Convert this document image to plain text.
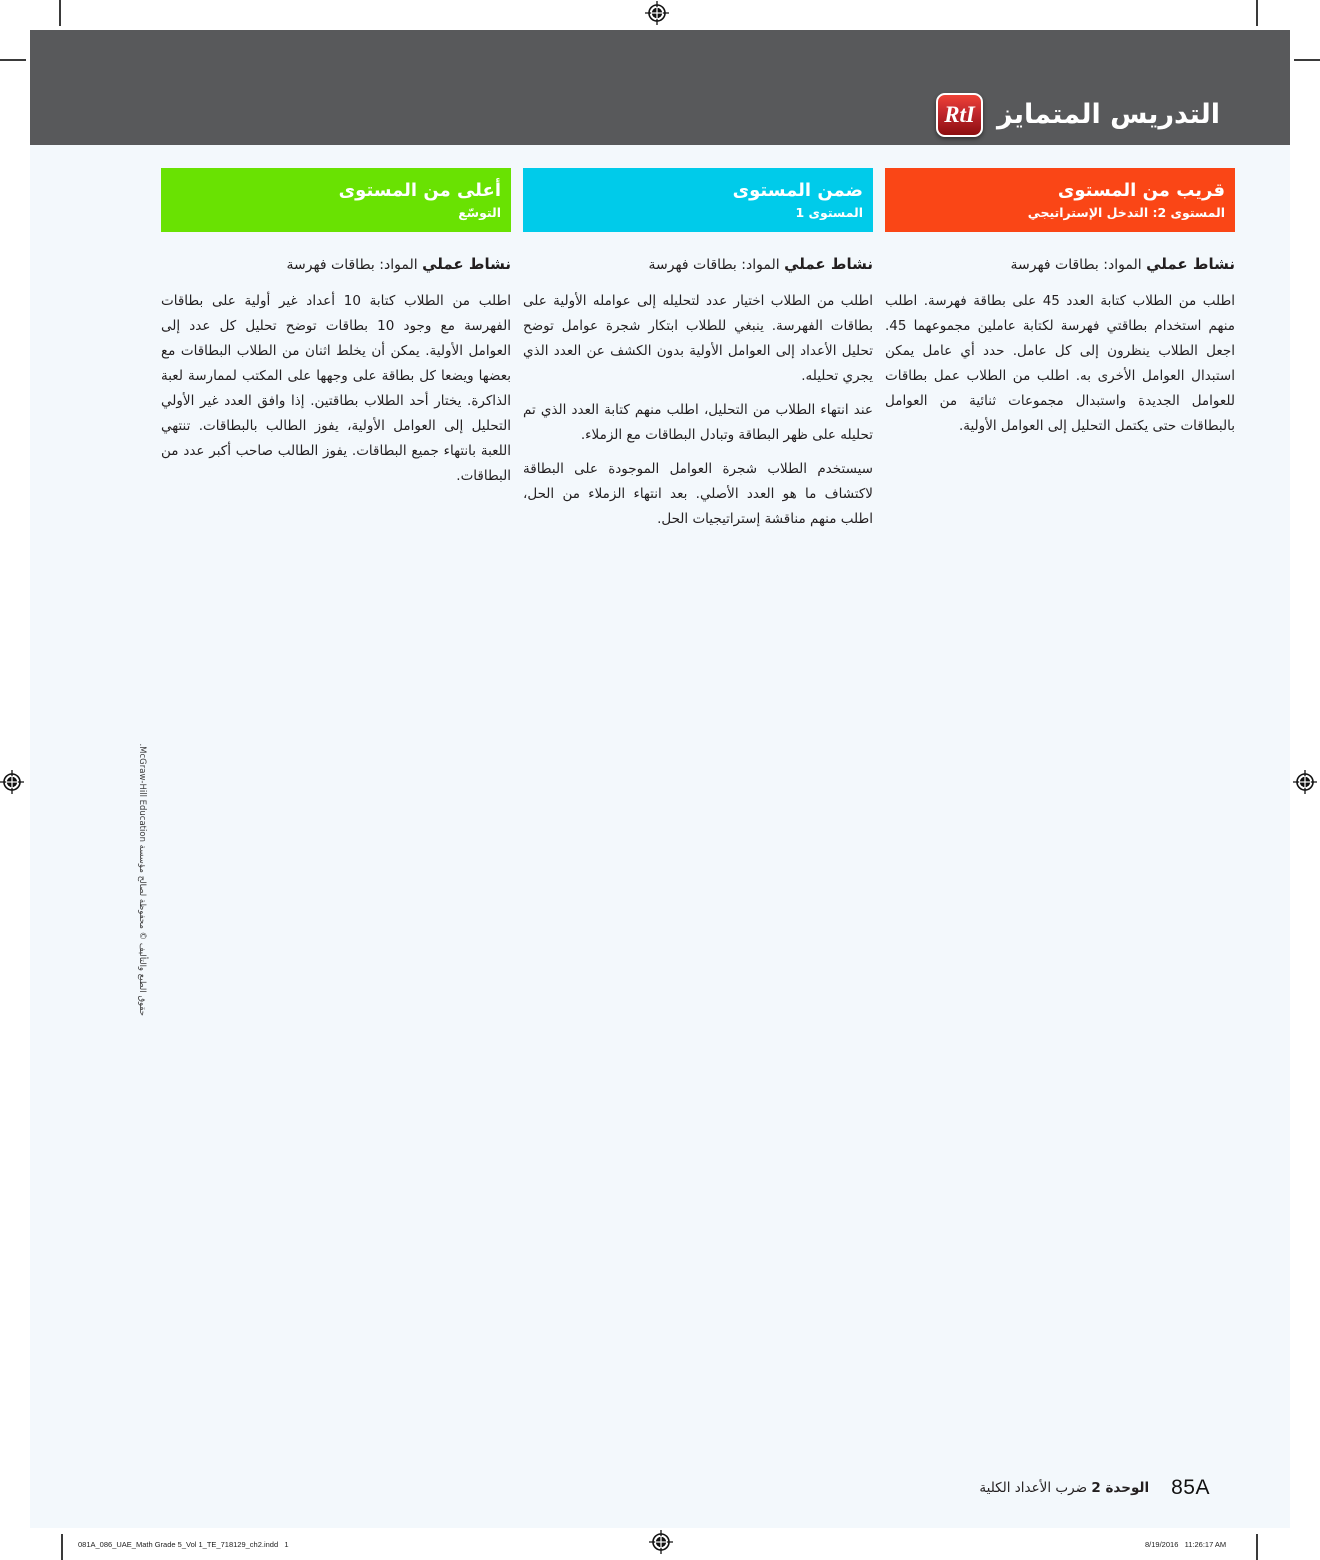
التدريس المتمايز
RtI
قريب من المستوى
المستوى 2: التدخل الإستراتيجي
نشاط عملي المواد: بطاقات فهرسة

اطلب من الطلاب كتابة العدد 45 على بطاقة فهرسة. اطلب منهم استخدام بطاقتي فهرسة لكتابة عاملين مجموعهما 45. اجعل الطلاب ينظرون إلى كل عامل. حدد أي عامل يمكن استبدال العوامل الأخرى به. اطلب من الطلاب عمل بطاقات للعوامل الجديدة واستبدال مجموعات ثنائية من العوامل بالبطاقات حتى يكتمل التحليل إلى العوامل الأولية.

ضمن المستوى
المستوى 1
نشاط عملي المواد: بطاقات فهرسة

اطلب من الطلاب اختيار عدد لتحليله إلى عوامله الأولية على بطاقات الفهرسة. ينبغي للطلاب ابتكار شجرة عوامل توضح تحليل الأعداد إلى العوامل الأولية بدون الكشف عن العدد الذي يجري تحليله.

عند انتهاء الطلاب من التحليل، اطلب منهم كتابة العدد الذي تم تحليله على ظهر البطاقة وتبادل البطاقات مع الزملاء.

سيستخدم الطلاب شجرة العوامل الموجودة على البطاقة لاكتشاف ما هو العدد الأصلي. بعد انتهاء الزملاء من الحل، اطلب منهم مناقشة إستراتيجيات الحل.

أعلى من المستوى
التوسّع
نشاط عملي المواد: بطاقات فهرسة

اطلب من الطلاب كتابة 10 أعداد غير أولية على بطاقات الفهرسة مع وجود 10 بطاقات توضح تحليل كل عدد إلى العوامل الأولية. يمكن أن يخلط اثنان من الطلاب البطاقات مع بعضها ويضعا كل بطاقة على وجهها على المكتب لممارسة لعبة الذاكرة. يختار أحد الطلاب بطاقتين. إذا وافق العدد غير الأولي التحليل إلى العوامل الأولية، يفوز الطالب بالبطاقات. تنتهي اللعبة بانتهاء جميع البطاقات. يفوز الطالب صاحب أكبر عدد من البطاقات.

حقوق الطبع والتأليف © محفوظة لصالح مؤسسة McGraw-Hill Education.
85A
الوحدة 2 ضرب الأعداد الكلية
081A_086_UAE_Math Grade 5_Vol 1_TE_718129_ch2.indd   1	8/19/2016   11:26:17 AM
